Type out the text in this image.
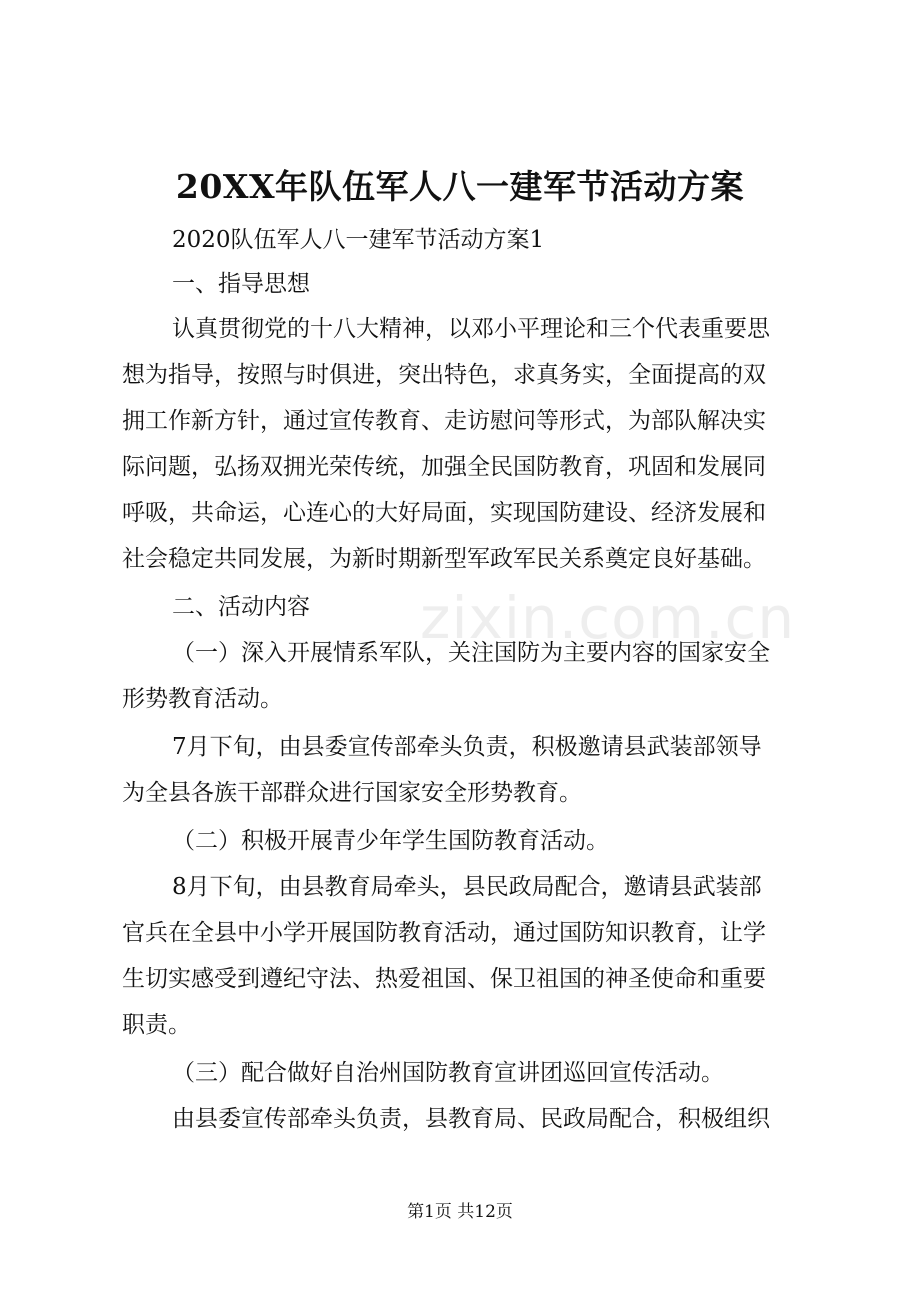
zixin.com.cn
20XX年队伍军人八一建军节活动方案
2020队伍军人八一建军节活动方案1
一、指导思想
认真贯彻党的十八大精神，以邓小平理论和三个代表重要思
想为指导，按照与时俱进，突出特色，求真务实，全面提高的双
拥工作新方针，通过宣传教育、走访慰问等形式，为部队解决实
际问题，弘扬双拥光荣传统，加强全民国防教育，巩固和发展同
呼吸，共命运，心连心的大好局面，实现国防建设、经济发展和
社会稳定共同发展，为新时期新型军政军民关系奠定良好基础。
二、活动内容
（一）深入开展情系军队，关注国防为主要内容的国家安全
形势教育活动。
7月下旬，由县委宣传部牵头负责，积极邀请县武装部领导
为全县各族干部群众进行国家安全形势教育。
（二）积极开展青少年学生国防教育活动。
8月下旬，由县教育局牵头，县民政局配合，邀请县武装部
官兵在全县中小学开展国防教育活动，通过国防知识教育，让学
生切实感受到遵纪守法、热爱祖国、保卫祖国的神圣使命和重要
职责。
（三）配合做好自治州国防教育宣讲团巡回宣传活动。
由县委宣传部牵头负责，县教育局、民政局配合，积极组织
第1页 共12页
